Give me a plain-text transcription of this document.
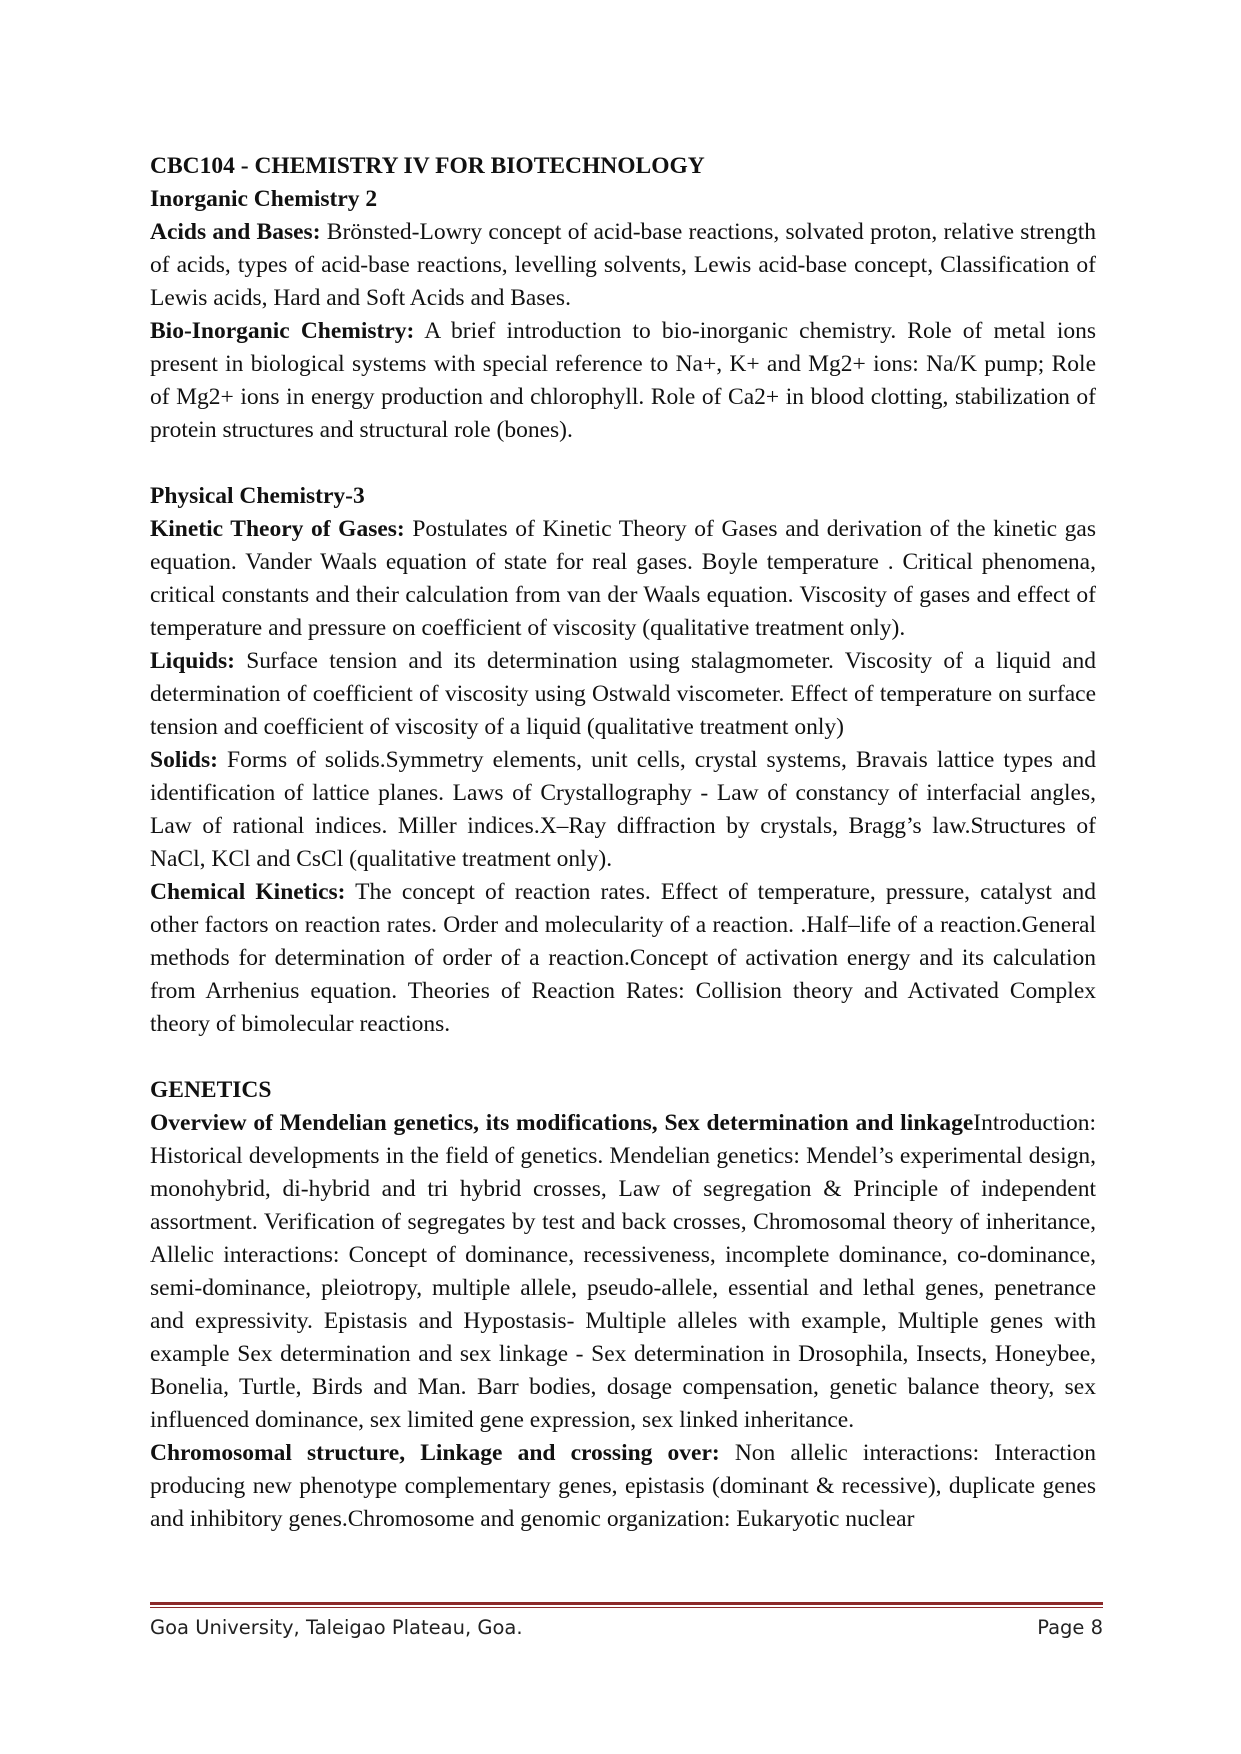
CBC104 - CHEMISTRY IV FOR BIOTECHNOLOGY

Inorganic Chemistry 2

Acids and Bases: Brönsted-Lowry concept of acid-base reactions, solvated proton, relative strength of acids, types of acid-base reactions, levelling solvents, Lewis acid-base concept, Classification of Lewis acids, Hard and Soft Acids and Bases.

Bio-Inorganic Chemistry: A brief introduction to bio-inorganic chemistry. Role of metal ions present in biological systems with special reference to Na+, K+ and Mg2+ ions: Na/K pump; Role of Mg2+ ions in energy production and chlorophyll. Role of Ca2+ in blood clotting, stabilization of protein structures and structural role (bones).

Physical Chemistry-3

Kinetic Theory of Gases: Postulates of Kinetic Theory of Gases and derivation of the kinetic gas equation. Vander Waals equation of state for real gases. Boyle temperature . Critical phenomena, critical constants and their calculation from van der Waals equation. Viscosity of gases and effect of temperature and pressure on coefficient of viscosity (qualitative treatment only).

Liquids: Surface tension and its determination using stalagmometer. Viscosity of a liquid and determination of coefficient of viscosity using Ostwald viscometer. Effect of temperature on surface tension and coefficient of viscosity of a liquid (qualitative treatment only)

Solids: Forms of solids.Symmetry elements, unit cells, crystal systems, Bravais lattice types and identification of lattice planes. Laws of Crystallography - Law of constancy of interfacial angles, Law of rational indices. Miller indices.X–Ray diffraction by crystals, Bragg’s law.Structures of NaCl, KCl and CsCl (qualitative treatment only).

Chemical Kinetics: The concept of reaction rates. Effect of temperature, pressure, catalyst and other factors on reaction rates. Order and molecularity of a reaction. .Half–life of a reaction.General methods for determination of order of a reaction.Concept of activation energy and its calculation from Arrhenius equation. Theories of Reaction Rates: Collision theory and Activated Complex theory of bimolecular reactions.

GENETICS

Overview of Mendelian genetics, its modifications, Sex determination and linkageIntroduction: Historical developments in the field of genetics. Mendelian genetics: Mendel’s experimental design, monohybrid, di-hybrid and tri hybrid crosses, Law of segregation & Principle of independent assortment. Verification of segregates by test and back crosses, Chromosomal theory of inheritance, Allelic interactions: Concept of dominance, recessiveness, incomplete dominance, co-dominance, semi-dominance, pleiotropy, multiple allele, pseudo-allele, essential and lethal genes, penetrance and expressivity. Epistasis and Hypostasis- Multiple alleles with example, Multiple genes with example Sex determination and sex linkage - Sex determination in Drosophila, Insects, Honeybee, Bonelia, Turtle, Birds and Man. Barr bodies, dosage compensation, genetic balance theory, sex influenced dominance, sex limited gene expression, sex linked inheritance.

Chromosomal structure, Linkage and crossing over: Non allelic interactions: Interaction producing new phenotype complementary genes, epistasis (dominant & recessive), duplicate genes and inhibitory genes.Chromosome and genomic organization: Eukaryotic nuclear

Goa University, Taleigao Plateau, Goa.	Page 8
